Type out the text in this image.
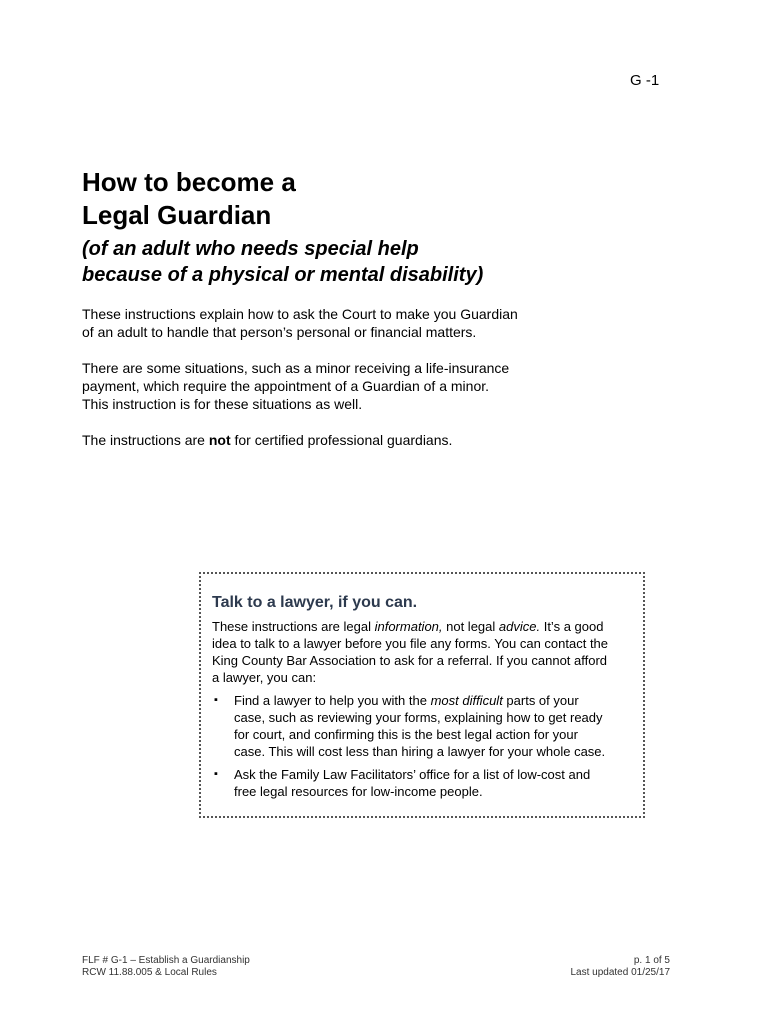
G -1
How to become a
Legal Guardian
(of an adult who needs special help
because of a physical or mental disability)

These instructions explain how to ask the Court to make you Guardian
of an adult to handle that person’s personal or financial matters.

There are some situations, such as a minor receiving a life-insurance
payment, which require the appointment of a Guardian of a minor.
This instruction is for these situations as well.

The instructions are not for certified professional guardians.

Talk to a lawyer, if you can.

These instructions are legal information, not legal advice. It’s a good
idea to talk to a lawyer before you file any forms. You can contact the
King County Bar Association to ask for a referral. If you cannot afford
a lawyer, you can:

▪ Find a lawyer to help you with the most difficult parts of your
case, such as reviewing your forms, explaining how to get ready
for court, and confirming this is the best legal action for your
case. This will cost less than hiring a lawyer for your whole case.
▪ Ask the Family Law Facilitators’ office for a list of low-cost and
free legal resources for low-income people.
FLF # G-1 – Establish a Guardianship
RCW 11.88.005 & Local Rules
p. 1 of 5
Last updated 01/25/17
